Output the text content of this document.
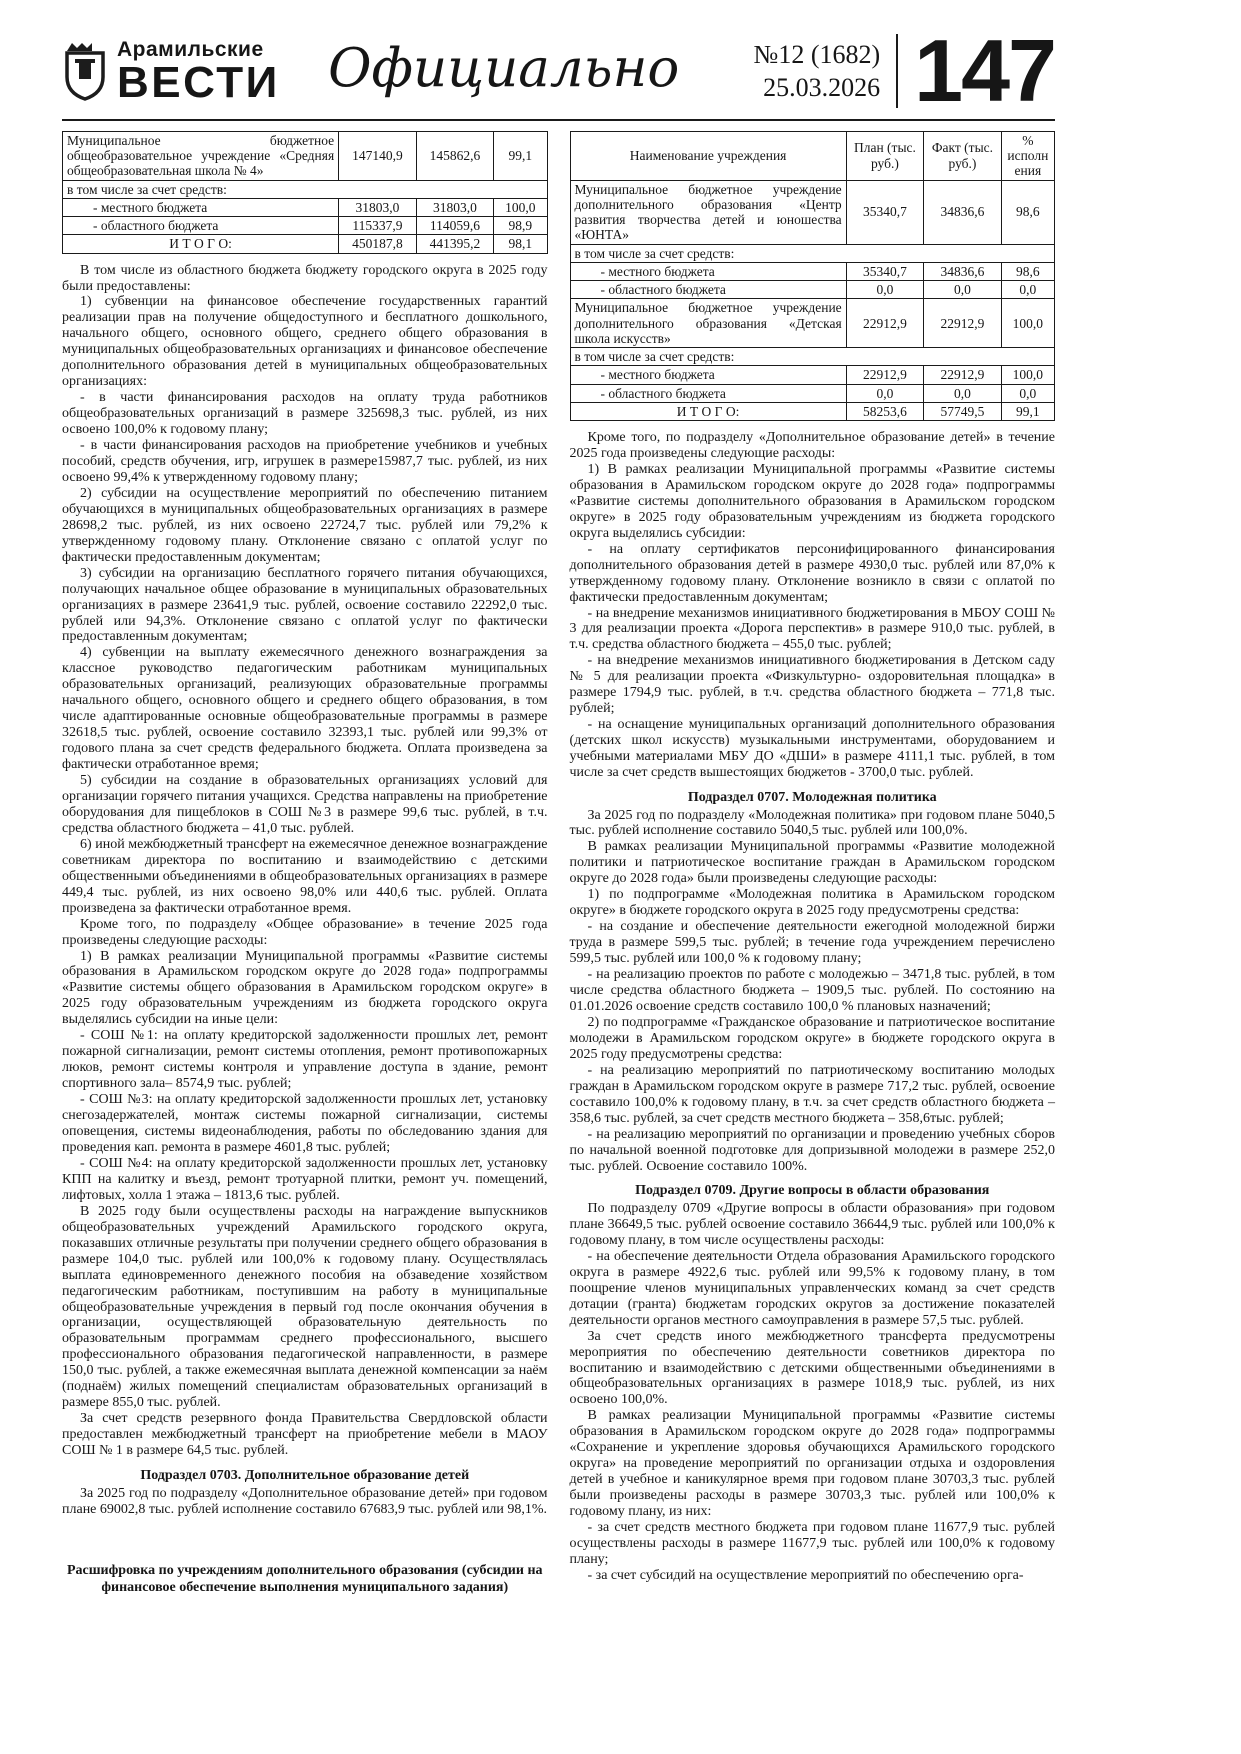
Арамильские
ВЕСТИ Официально	№12 (1682)
25.03.2026 147
Муниципальное бюджетное общеобразовательное учреждение «Средняя общеобразовательная школа № 4»	147140,9	145862,6	99,1
в том числе за счет средств:			
- местного бюджета	31803,0	31803,0	100,0
- областного бюджета	115337,9	114059,6	98,9
И Т О Г О:	450187,8	441395,2	98,1

В том числе из областного бюджета бюджету городского округа в 2025 году были предоставлены:

1) субвенции на финансовое обеспечение государственных гарантий реализации прав на получение общедоступного и бесплатного дошкольного, начального общего, основного общего, среднего общего образования в муниципальных общеобразовательных организациях и финансовое обеспечение дополнительного образования детей в муниципальных общеобразовательных организациях:

- в части финансирования расходов на оплату труда работников общеобразовательных организаций в размере 325698,3 тыс. рублей, из них освоено 100,0% к годовому плану;

- в части финансирования расходов на приобретение учебников и учебных пособий, средств обучения, игр, игрушек в размере15987,7 тыс. рублей, из них освоено 99,4% к утвержденному годовому плану;

2) субсидии на осуществление мероприятий по обеспечению питанием обучающихся в муниципальных общеобразовательных организациях в размере 28698,2 тыс. рублей, из них освоено 22724,7 тыс. рублей или 79,2% к утвержденному годовому плану. Отклонение связано с оплатой услуг по фактически предоставленным документам;

3) субсидии на организацию бесплатного горячего питания обучающихся, получающих начальное общее образование в муниципальных образовательных организациях в размере 23641,9 тыс. рублей, освоение составило 22292,0 тыс. рублей или 94,3%. Отклонение связано с оплатой услуг по фактически предоставленным документам;

4) субвенции на выплату ежемесячного денежного вознаграждения за классное руководство педагогическим работникам муниципальных образовательных организаций, реализующих образовательные программы начального общего, основного общего и среднего общего образования, в том числе адаптированные основные общеобразовательные программы в размере 32618,5 тыс. рублей, освоение составило 32393,1 тыс. рублей или 99,3% от годового плана за счет средств федерального бюджета. Оплата произведена за фактически отработанное время;

5) субсидии на создание в образовательных организациях условий для организации горячего питания учащихся. Средства направлены на приобретение оборудования для пищеблоков в СОШ №3 в размере 99,6 тыс. рублей, в т.ч. средства областного бюджета – 41,0 тыс. рублей.

6) иной межбюджетный трансферт на ежемесячное денежное вознаграждение советникам директора по воспитанию и взаимодействию с детскими общественными объединениями в общеобразовательных организациях в размере 449,4 тыс. рублей, из них освоено 98,0% или 440,6 тыс. рублей. Оплата произведена за фактически отработанное время.

Кроме того, по подразделу «Общее образование» в течение 2025 года произведены следующие расходы:

1) В рамках реализации Муниципальной программы «Развитие системы образования в Арамильском городском округе до 2028 года» подпрограммы «Развитие системы общего образования в Арамильском городском округе» в 2025 году образовательным учреждениям из бюджета городского округа выделялись субсидии на иные цели:

- СОШ №1: на оплату кредиторской задолженности прошлых лет, ремонт пожарной сигнализации, ремонт системы отопления, ремонт противопожарных люков, ремонт системы контроля и управление доступа в здание, ремонт спортивного зала– 8574,9 тыс. рублей;

- СОШ №3: на оплату кредиторской задолженности прошлых лет, установку снегозадержателей, монтаж системы пожарной сигнализации, системы оповещения, системы видеонаблюдения, работы по обследованию здания для проведения кап. ремонта в размере 4601,8 тыс. рублей;

- СОШ №4: на оплату кредиторской задолженности прошлых лет, установку КПП на калитку и въезд, ремонт тротуарной плитки, ремонт уч. помещений, лифтовых, холла 1 этажа – 1813,6 тыс. рублей.

В 2025 году были осуществлены расходы на награждение выпускников общеобразовательных учреждений Арамильского городского округа, показавших отличные результаты при получении среднего общего образования в размере 104,0 тыс. рублей или 100,0% к годовому плану. Осуществлялась выплата единовременного денежного пособия на обзаведение хозяйством педагогическим работникам, поступившим на работу в муниципальные общеобразовательные учреждения в первый год после окончания обучения в организации, осуществляющей образовательную деятельность по образовательным программам среднего профессионального, высшего профессионального образования педагогической направленности, в размере 150,0 тыс. рублей, а также ежемесячная выплата денежной компенсации за наём (поднаём) жилых помещений специалистам образовательных организаций в размере 855,0 тыс. рублей.

За счет средств резервного фонда Правительства Свердловской области предоставлен межбюджетный трансферт на приобретение мебели в МАОУ СОШ № 1 в размере 64,5 тыс. рублей.

Подраздел 0703. Дополнительное образование детей

За 2025 год по подразделу «Дополнительное образование детей» при годовом плане 69002,8 тыс. рублей исполнение составило 67683,9 тыс. рублей или 98,1%.

Расшифровка по учреждениям дополнительного образования (субсидии на финансовое обеспечение выполнения муниципального задания)

Наименование учреждения	План (тыс. руб.)	Факт (тыс. руб.)	% исполнения
Муниципальное бюджетное учреждение дополнительного образования «Центр развития творчества детей и юношества «ЮНТА»	35340,7	34836,6	98,6
в том числе за счет средств:			
- местного бюджета	35340,7	34836,6	98,6
- областного бюджета	0,0	0,0	0,0
Муниципальное бюджетное учреждение дополнительного образования «Детская школа искусств»	22912,9	22912,9	100,0
в том числе за счет средств:			
- местного бюджета	22912,9	22912,9	100,0
- областного бюджета	0,0	0,0	0,0
И Т О Г О:	58253,6	57749,5	99,1

Кроме того, по подразделу «Дополнительное образование детей» в течение 2025 года произведены следующие расходы:

1) В рамках реализации Муниципальной программы «Развитие системы образования в Арамильском городском округе до 2028 года» подпрограммы «Развитие системы дополнительного образования в Арамильском городском округе» в 2025 году образовательным учреждениям из бюджета городского округа выделялись субсидии:

- на оплату сертификатов персонифицированного финансирования дополнительного образования детей в размере 4930,0 тыс. рублей или 87,0% к утвержденному годовому плану. Отклонение возникло в связи с оплатой по фактически предоставленным документам;

- на внедрение механизмов инициативного бюджетирования в МБОУ СОШ № 3 для реализации проекта «Дорога перспектив» в размере 910,0 тыс. рублей, в т.ч. средства областного бюджета – 455,0 тыс. рублей;

- на внедрение механизмов инициативного бюджетирования в Детском саду № 5 для реализации проекта «Физкультурно- оздоровительная площадка» в размере 1794,9 тыс. рублей, в т.ч. средства областного бюджета – 771,8 тыс. рублей;

- на оснащение муниципальных организаций дополнительного образования (детских школ искусств) музыкальными инструментами, оборудованием и учебными материалами МБУ ДО «ДШИ» в размере 4111,1 тыс. рублей, в том числе за счет средств вышестоящих бюджетов - 3700,0 тыс. рублей.

Подраздел 0707. Молодежная политика

За 2025 год по подразделу «Молодежная политика» при годовом плане 5040,5 тыс. рублей исполнение составило 5040,5 тыс. рублей или 100,0%.

В рамках реализации Муниципальной программы «Развитие молодежной политики и патриотическое воспитание граждан в Арамильском городском округе до 2028 года» были произведены следующие расходы:

1) по подпрограмме «Молодежная политика в Арамильском городском округе» в бюджете городского округа в 2025 году предусмотрены средства:

- на создание и обеспечение деятельности ежегодной молодежной биржи труда в размере 599,5 тыс. рублей; в течение года учреждением перечислено 599,5 тыс. рублей или 100,0 % к годовому плану;

- на реализацию проектов по работе с молодежью – 3471,8 тыс. рублей, в том числе средства областного бюджета – 1909,5 тыс. рублей. По состоянию на 01.01.2026 освоение средств составило 100,0 % плановых назначений;

2) по подпрограмме «Гражданское образование и патриотическое воспитание молодежи в Арамильском городском округе» в бюджете городского округа в 2025 году предусмотрены средства:

- на реализацию мероприятий по патриотическому воспитанию молодых граждан в Арамильском городском округе в размере 717,2 тыс. рублей, освоение составило 100,0% к годовому плану, в т.ч. за счет средств областного бюджета – 358,6 тыс. рублей, за счет средств местного бюджета – 358,6тыс. рублей;

- на реализацию мероприятий по организации и проведению учебных сборов по начальной военной подготовке для допризывной молодежи в размере 252,0 тыс. рублей. Освоение составило 100%.

Подраздел 0709. Другие вопросы в области образования

По подразделу 0709 «Другие вопросы в области образования» при годовом плане 36649,5 тыс. рублей освоение составило 36644,9 тыс. рублей или 100,0% к годовому плану, в том числе осуществлены расходы:

- на обеспечение деятельности Отдела образования Арамильского городского округа в размере 4922,6 тыс. рублей или 99,5% к годовому плану, в том поощрение членов муниципальных управленческих команд за счет средств дотации (гранта) бюджетам городских округов за достижение показателей деятельности органов местного самоуправления в размере 57,5 тыс. рублей.

За счет средств иного межбюджетного трансферта предусмотрены мероприятия по обеспечению деятельности советников директора по воспитанию и взаимодействию с детскими общественными объединениями в общеобразовательных организациях в размере 1018,9 тыс. рублей, из них освоено 100,0%.

В рамках реализации Муниципальной программы «Развитие системы образования в Арамильском городском округе до 2028 года» подпрограммы «Сохранение и укрепление здоровья обучающихся Арамильского городского округа» на проведение мероприятий по организации отдыха и оздоровления детей в учебное и каникулярное время при годовом плане 30703,3 тыс. рублей были произведены расходы в размере 30703,3 тыс. рублей или 100,0% к годовому плану, из них:

- за счет средств местного бюджета при годовом плане 11677,9 тыс. рублей осуществлены расходы в размере 11677,9 тыс. рублей или 100,0% к годовому плану;

- за счет субсидий на осуществление мероприятий по обеспечению орга-
